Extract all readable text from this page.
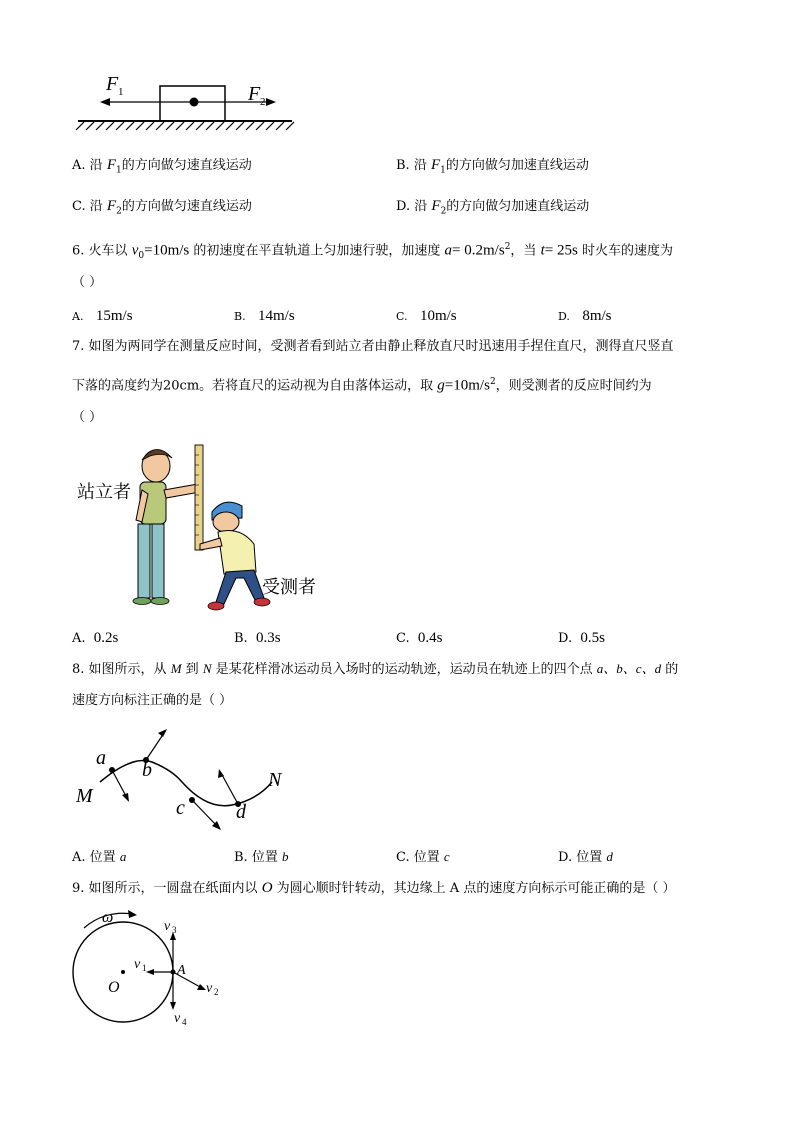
F 1	F 2
A. 沿 $F_1$的方向做匀速直线运动	B. 沿 $F_1$的方向做匀加速直线运动
C. 沿 $F_2$的方向做匀速直线运动	D. 沿 $F_2$的方向做匀加速直线运动
6. 火车以 $v_0=10m/s$ 的初速度在平直轨道上匀加速行驶，加速度 $a= 0.2m/s^2$，当 t= 25s 时火车的速度为
（ ）
A. 15m/s	B. 14m/s	C. 10m/s	D. 8m/s
7. 如图为两同学在测量反应时间，受测者看到站立者由静止释放直尺时迅速用手捏住直尺，测得直尺竖直
下落的高度约为20cm。若将直尺的运动视为自由落体运动，取 $g=10m/s^2$，则受测者的反应时间约为
（ ）
站立者
受测者
A. 0.2s	B. 0.3s	C. 0.4s	D. 0.5s
8. 如图所示，从 M 到 N 是某花样滑冰运动员入场时的运动轨迹，运动员在轨迹上的四个点 a、b、c、d 的
速度方向标注正确的是（ ）
a
b
c	d
M
N
A. 位置 a	B. 位置 b	C. 位置 c	D. 位置 d
9. 如图所示，一圆盘在纸面内以 O 为圆心顺时针转动，其边缘上 A 点的速度方向标示可能正确的是（ ）
ω
O
A
v 3
v 1
v 2
v 4
